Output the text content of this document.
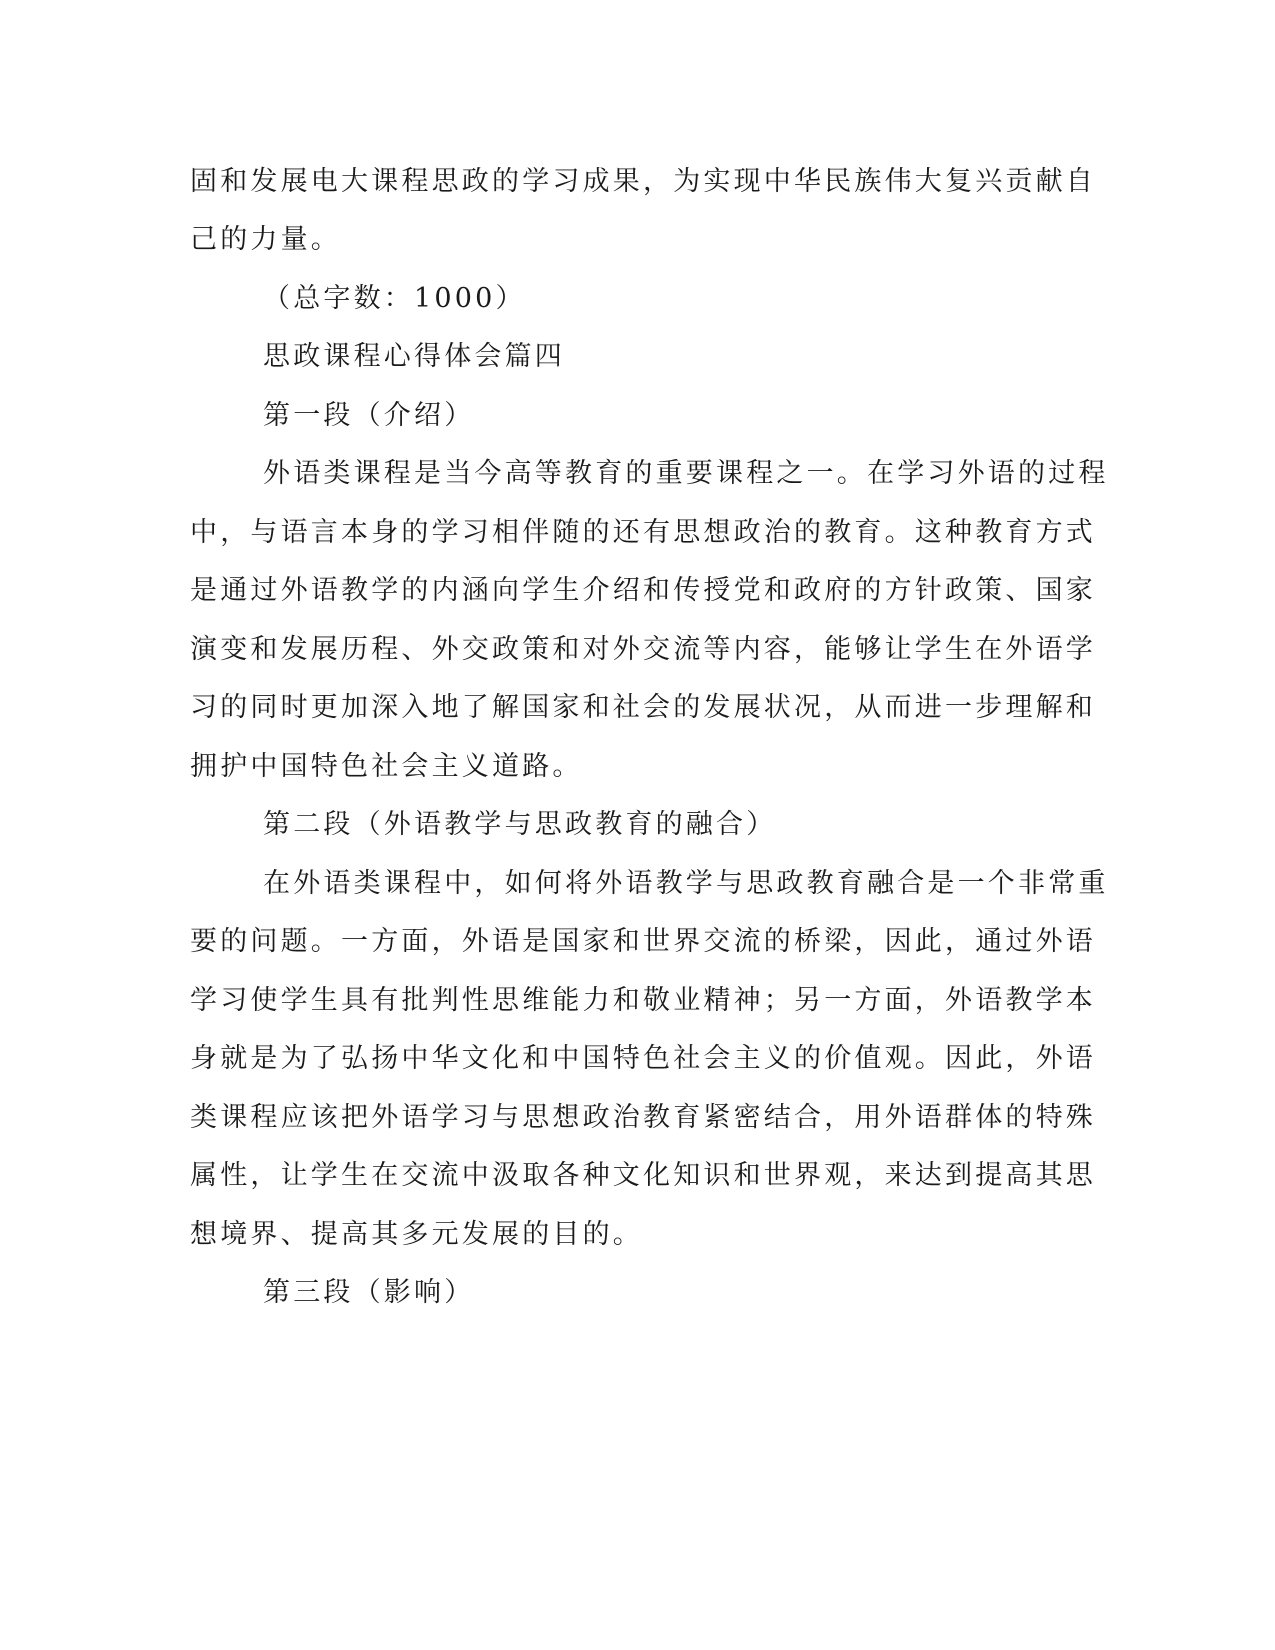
固和发展电大课程思政的学习成果，为实现中华民族伟大复兴贡献自
己的力量。
（总字数：1000）
思政课程心得体会篇四
第一段（介绍）
外语类课程是当今高等教育的重要课程之一。在学习外语的过程
中，与语言本身的学习相伴随的还有思想政治的教育。这种教育方式
是通过外语教学的内涵向学生介绍和传授党和政府的方针政策、国家
演变和发展历程、外交政策和对外交流等内容，能够让学生在外语学
习的同时更加深入地了解国家和社会的发展状况，从而进一步理解和
拥护中国特色社会主义道路。
第二段（外语教学与思政教育的融合）
在外语类课程中，如何将外语教学与思政教育融合是一个非常重
要的问题。一方面，外语是国家和世界交流的桥梁，因此，通过外语
学习使学生具有批判性思维能力和敬业精神；另一方面，外语教学本
身就是为了弘扬中华文化和中国特色社会主义的价值观。因此，外语
类课程应该把外语学习与思想政治教育紧密结合，用外语群体的特殊
属性，让学生在交流中汲取各种文化知识和世界观，来达到提高其思
想境界、提高其多元发展的目的。
第三段（影响）
